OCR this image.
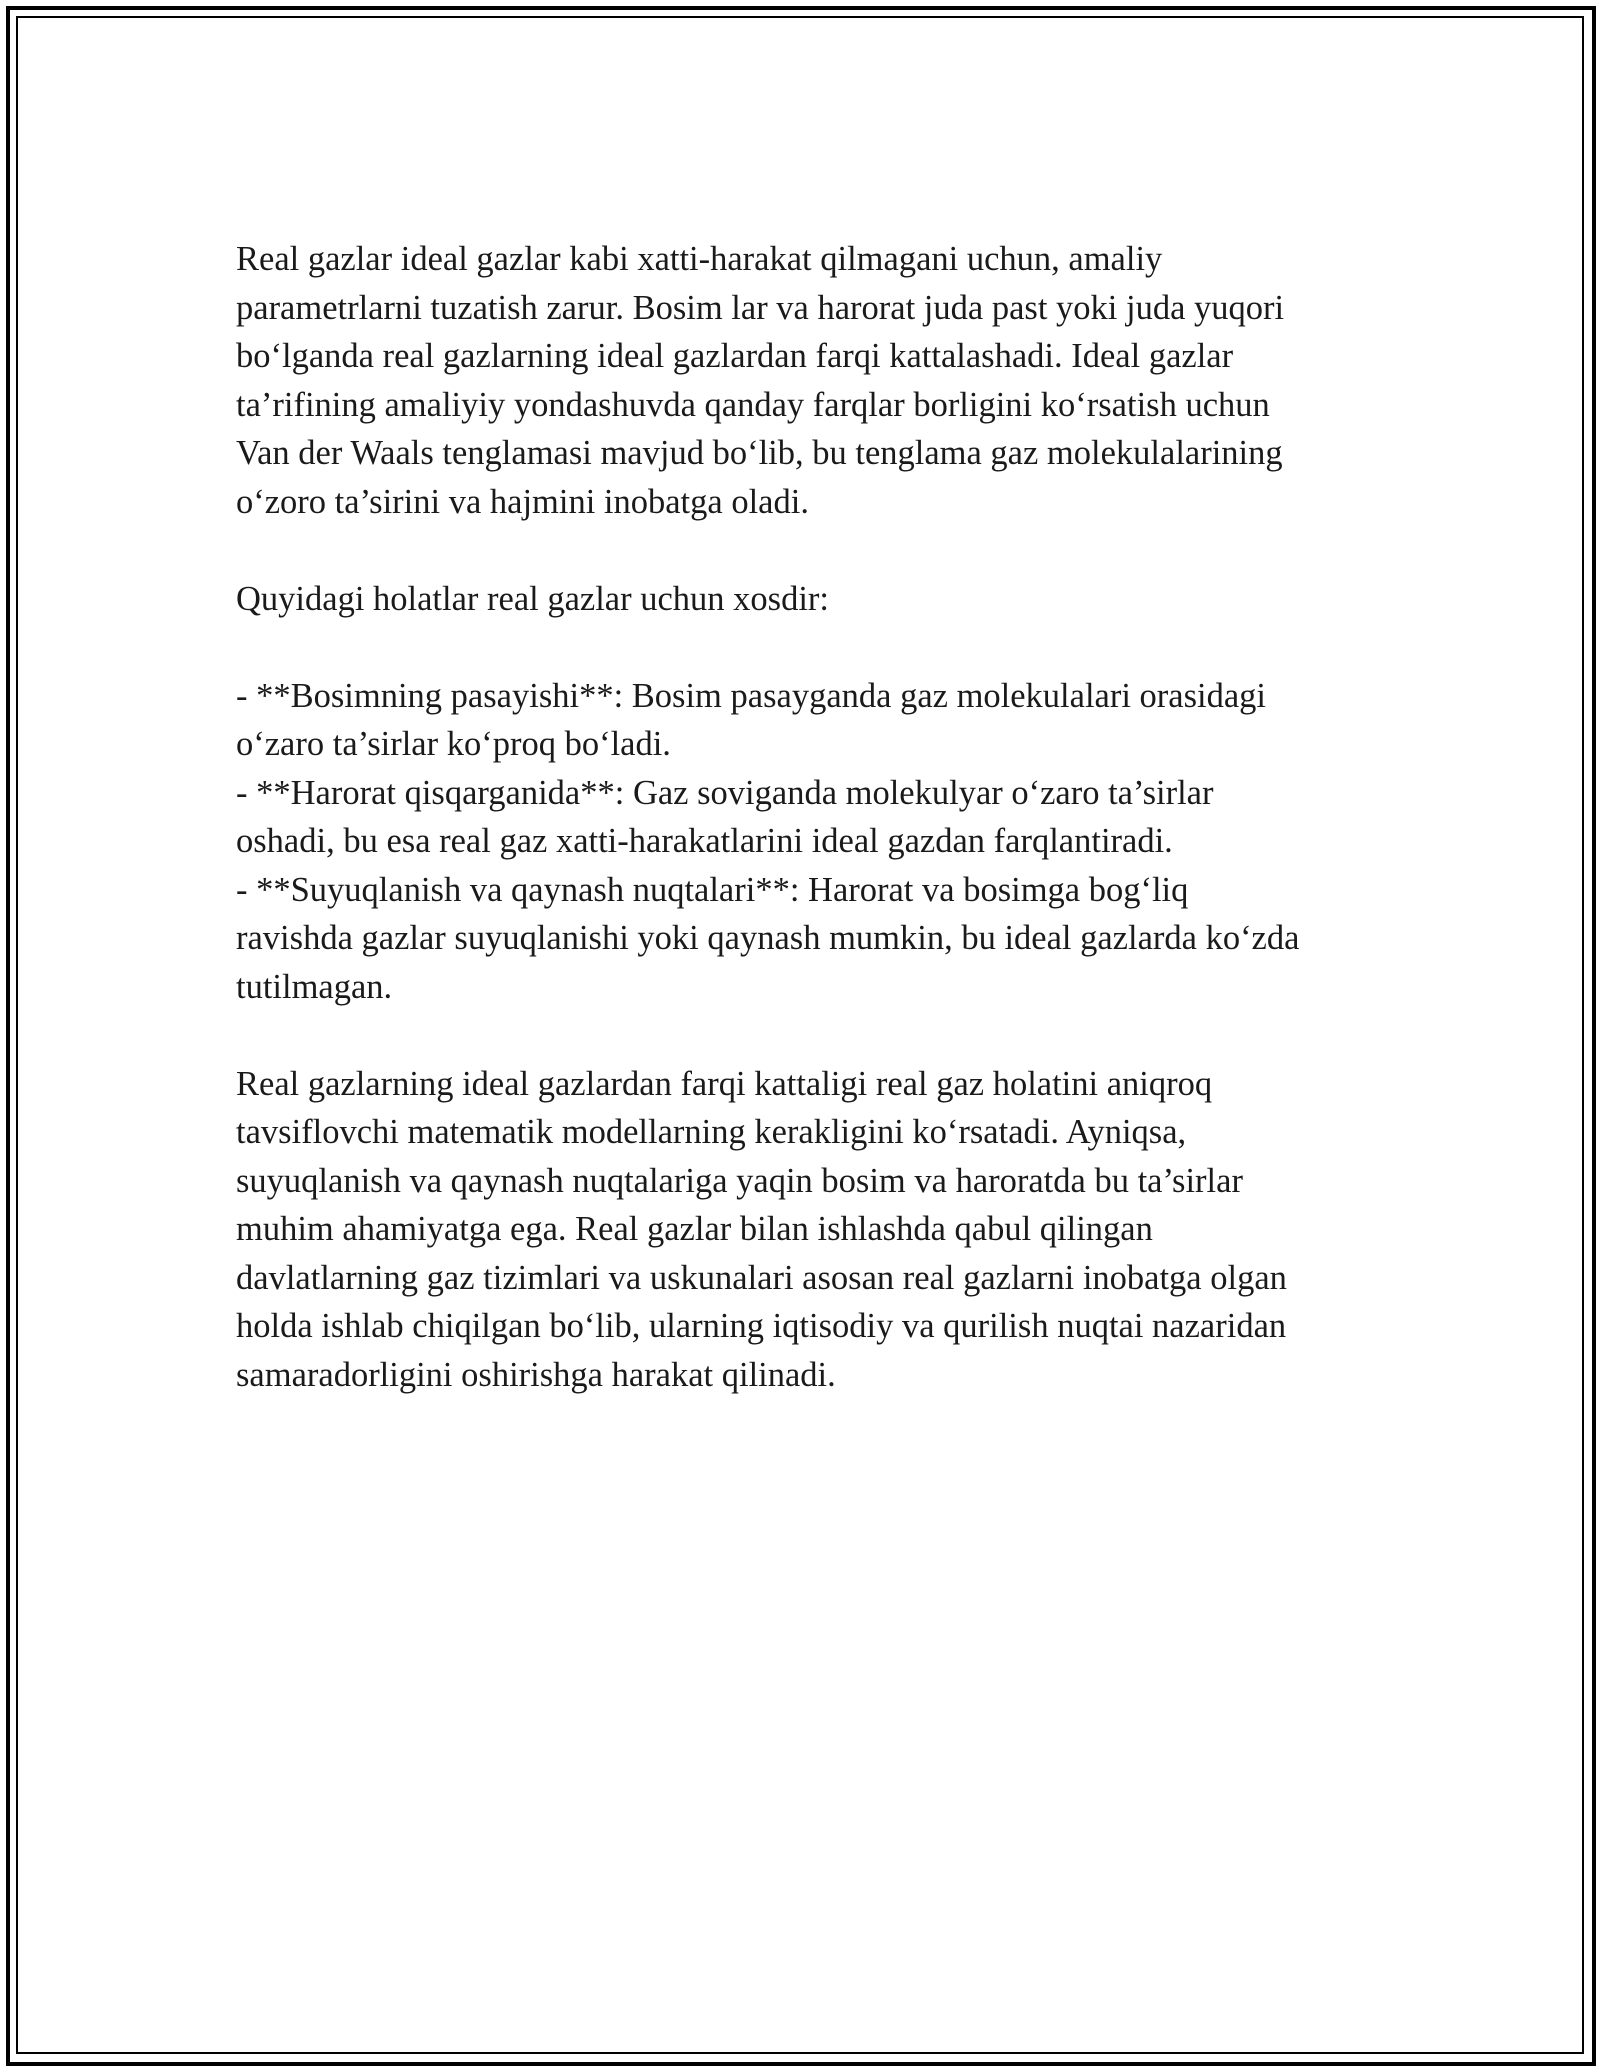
Real gazlar ideal gazlar kabi xatti-harakat qilmagani uchun, amaliy
parametrlarni tuzatish zarur. Bosim lar va harorat juda past yoki juda yuqori
bo‘lganda real gazlarning ideal gazlardan farqi kattalashadi. Ideal gazlar
ta’rifining amaliyiy yondashuvda qanday farqlar borligini ko‘rsatish uchun
Van der Waals tenglamasi mavjud bo‘lib, bu tenglama gaz molekulalarining
o‘zoro ta’sirini va hajmini inobatga oladi.
Quyidagi holatlar real gazlar uchun xosdir:
- **Bosimning pasayishi**: Bosim pasayganda gaz molekulalari orasidagi
o‘zaro ta’sirlar ko‘proq bo‘ladi.
- **Harorat qisqarganida**: Gaz soviganda molekulyar o‘zaro ta’sirlar
oshadi, bu esa real gaz xatti-harakatlarini ideal gazdan farqlantiradi.
- **Suyuqlanish va qaynash nuqtalari**: Harorat va bosimga bog‘liq
ravishda gazlar suyuqlanishi yoki qaynash mumkin, bu ideal gazlarda ko‘zda
tutilmagan.
Real gazlarning ideal gazlardan farqi kattaligi real gaz holatini aniqroq
tavsiflovchi matematik modellarning kerakligini ko‘rsatadi. Ayniqsa,
suyuqlanish va qaynash nuqtalariga yaqin bosim va haroratda bu ta’sirlar
muhim ahamiyatga ega. Real gazlar bilan ishlashda qabul qilingan
davlatlarning gaz tizimlari va uskunalari asosan real gazlarni inobatga olgan
holda ishlab chiqilgan bo‘lib, ularning iqtisodiy va qurilish nuqtai nazaridan
samaradorligini oshirishga harakat qilinadi.
